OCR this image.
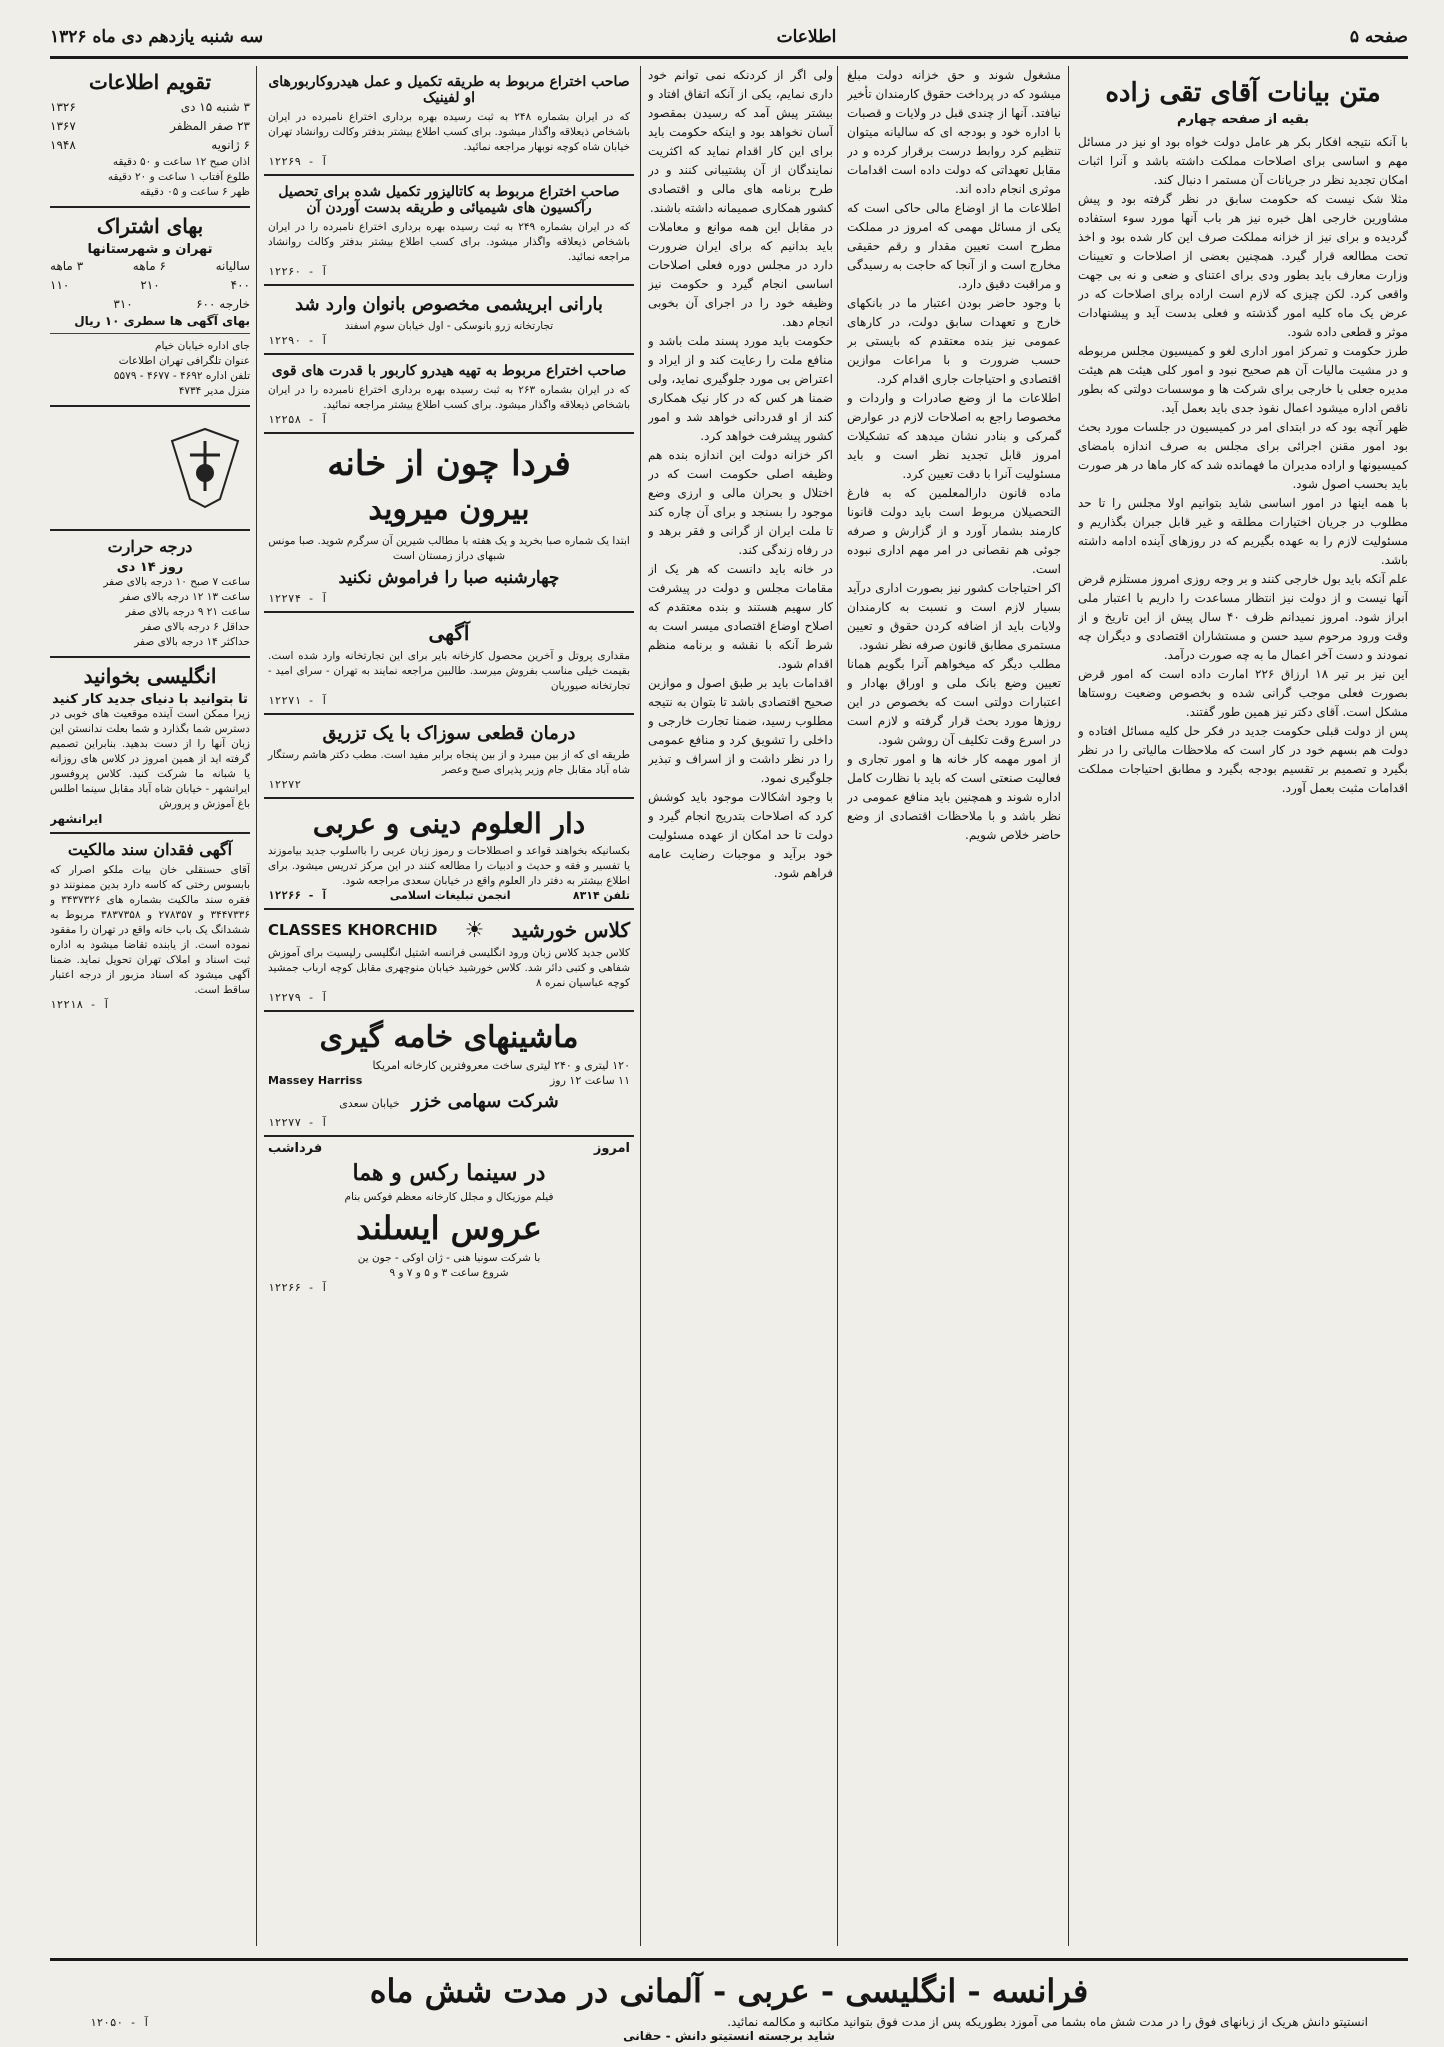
صفحه ۵
اطلاعات
سه شنبه یازدهم دی ماه ۱۳۲۶
متن بیانات آقای تقی زاده
بقیه از صفحه چهارم

با آنکه نتیجه افکار بکر هر عامل دولت خواه بود او نیز در مسائل مهم و اساسی برای اصلاحات مملکت داشته باشد و آنرا اثبات امکان تجدید نظر در جریانات آن مستمر ا دنبال کند.

مثلا شک نیست که حکومت سابق در نظر گرفته بود و پیش مشاورین خارجی اهل خبره نیز هر باب آنها مورد سوء استفاده گردیده و برای نیز از خزانه مملکت صرف این کار شده بود و اخذ تحت مطالعه قرار گیرد. همچنین بعضی از اصلاحات و تعیینات وزارت معارف باید بطور ودی برای اعتنای و ضعی و نه بی جهت واقعی کرد. لکن چیزی که لازم است اراده برای اصلاحات که در عرض یک ماه کلیه امور گذشته و فعلی بدست آید و پیشنهادات موثر و قطعی داده شود.

طرز حکومت و تمرکز امور اداری لغو و کمیسیون مجلس مربوطه و در مشیت مالیات آن هم صحیح نبود و امور کلی هیئت هم هیئت مدیره جعلی با خارجی برای شرکت ها و موسسات دولتی که بطور ناقص اداره میشود اعمال نفوذ جدی باید بعمل آید.

ظهر آنچه بود که در ابتدای امر در کمیسیون در جلسات مورد بحث بود امور مقنن اجرائی برای مجلس به صرف اندازه بامضای کمیسیونها و اراده مدیران ما فهمانده شد که کار ماها در هر صورت باید بحسب اصول شود.

با همه اینها در امور اساسی شاید بتوانیم اولا مجلس را تا حد مطلوب در جریان اختیارات مطلقه و غیر قابل جبران بگذاریم و مسئولیت لازم را به عهده بگیریم که در روزهای آینده ادامه داشته باشد.

علم آنکه باید بول خارجی کنند و بر وجه روزی امروز مستلزم قرض آنها نیست و از دولت نیز انتظار مساعدت را داریم با اعتبار ملی ابراز شود. امروز نمیدانم ظرف ۴۰ سال پیش از این تاریخ و از وقت ورود مرحوم سید حسن و مستشاران اقتصادی و دیگران چه نمودند و دست آخر اعمال ما به چه صورت درآمد.

این نیز بر تیر ۱۸ ارزاق ۲۲۶ امارت داده است که امور قرض بصورت فعلی موجب گرانی شده و بخصوص وضعیت روستاها مشکل است. آقای دکتر نیز همین طور گفتند.

پس از دولت قبلی حکومت جدید در فکر حل کلیه مسائل افتاده و دولت هم بسهم خود در کار است که ملاحظات مالیاتی را در نظر بگیرد و تصمیم بر تقسیم بودجه بگیرد و مطابق احتیاجات مملکت اقدامات مثبت بعمل آورد.

مشغول شوند و حق خزانه دولت مبلغ میشود که در پرداخت حقوق کارمندان تأخیر نیافتد. آنها از چندی قبل در ولایات و قصبات با اداره خود و بودجه ای که سالیانه میتوان تنظیم کرد روابط درست برقرار کرده و در مقابل تعهداتی که دولت داده است اقدامات موثری انجام داده اند.

اطلاعات ما از اوضاع مالی حاکی است که یکی از مسائل مهمی که امروز در مملکت مطرح است تعیین مقدار و رقم حقیقی مخارج است و از آنجا که حاجت به رسیدگی و مراقبت دقیق دارد.

با وجود حاضر بودن اعتبار ما در بانکهای خارج و تعهدات سابق دولت، در کارهای عمومی نیز بنده معتقدم که بایستی بر حسب ضرورت و با مراعات موازین اقتصادی و احتیاجات جاری اقدام کرد.

اطلاعات ما از وضع صادرات و واردات و مخصوصا راجع به اصلاحات لازم در عوارض گمرکی و بنادر نشان میدهد که تشکیلات امروز قابل تجدید نظر است و باید مسئولیت آنرا با دقت تعیین کرد.

ماده قانون دارالمعلمین که به فارغ التحصیلان مربوط است باید دولت قانونا کارمند بشمار آورد و از گزارش و صرفه جوئی هم نقصانی در امر مهم اداری نبوده است.

اکر احتیاجات کشور نیز بصورت اداری درآید بسیار لازم است و نسبت به کارمندان ولایات باید از اضافه کردن حقوق و تعیین مستمری مطابق قانون صرفه نظر نشود.

مطلب دیگر که میخواهم آنرا بگویم همانا تعیین وضع بانک ملی و اوراق بهادار و اعتبارات دولتی است که بخصوص در این روزها مورد بحث قرار گرفته و لازم است در اسرع وقت تکلیف آن روشن شود.

از امور مهمه کار خانه ها و امور تجاری و فعالیت صنعتی است که باید با نظارت کامل اداره شوند و همچنین باید منافع عمومی در نظر باشد و با ملاحظات اقتصادی از وضع حاضر خلاص شویم.

ولی اگر از کردنکه نمی توانم خود داری نمایم، یکی از آنکه اتفاق افتاد و بیشتر پیش آمد که رسیدن بمقصود آسان نخواهد بود و اینکه حکومت باید برای این کار اقدام نماید که اکثریت نمایندگان از آن پشتیبانی کنند و در طرح برنامه های مالی و اقتصادی کشور همکاری صمیمانه داشته باشند.

در مقابل این همه موانع و معاملات باید بدانیم که برای ایران ضرورت دارد در مجلس دوره فعلی اصلاحات اساسی انجام گیرد و حکومت نیز وظیفه خود را در اجرای آن بخوبی انجام دهد.

حکومت باید مورد پسند ملت باشد و منافع ملت را رعایت کند و از ایراد و اعتراض بی مورد جلوگیری نماید، ولی ضمنا هر کس که در کار نیک همکاری کند از او قدردانی خواهد شد و امور کشور پیشرفت خواهد کرد.

اکر خزانه دولت این اندازه بنده هم وظیفه اصلی حکومت است که در اختلال و بحران مالی و ارزی وضع موجود را بسنجد و برای آن چاره کند تا ملت ایران از گرانی و فقر برهد و در رفاه زندگی کند.

در خانه باید دانست که هر یک از مقامات مجلس و دولت در پیشرفت کار سهیم هستند و بنده معتقدم که اصلاح اوضاع اقتصادی میسر است به شرط آنکه با نقشه و برنامه منظم اقدام شود.

اقدامات باید بر طبق اصول و موازین صحیح اقتصادی باشد تا بتوان به نتیجه مطلوب رسید، ضمنا تجارت خارجی و داخلی را تشویق کرد و منافع عمومی را در نظر داشت و از اسراف و تبذیر جلوگیری نمود.

با وجود اشکالات موجود باید کوشش کرد که اصلاحات بتدریج انجام گیرد و دولت تا حد امکان از عهده مسئولیت خود برآید و موجبات رضایت عامه فراهم شود.

صاحب اختراع مربوط به طریقه تکمیل و عمل هیدروکاربورهای او لفینیک

که در ایران بشماره ۲۴۸ به ثبت رسیده بهره برداری اختراع نامبرده در ایران باشخاص ذیعلاقه واگذار میشود. برای کسب اطلاع بیشتر بدفتر وکالت روانشاد تهران خیابان شاه کوچه نوبهار مراجعه نمائید.

آ - ۱۲۲۶۹
صاحب اختراع مربوط به کاتالیزور تکمیل شده برای تحصیل رآکسیون های شیمیائی و طریقه بدست آوردن آن

که در ایران بشماره ۲۴۹ به ثبت رسیده بهره برداری اختراع نامبرده را در ایران باشخاص ذیعلاقه واگذار میشود. برای کسب اطلاع بیشتر بدفتر وکالت روانشاد مراجعه نمائید.

آ - ۱۲۲۶۰
بارانی ابریشمی مخصوص بانوان وارد شد
تجارتخانه زرو بانوسکی - اول خیابان سوم اسفند
آ - ۱۲۲۹۰
صاحب اختراع مربوط به تهیه هیدرو کاربور با قدرت های قوی

که در ایران بشماره ۲۶۳ به ثبت رسیده بهره برداری اختراع نامبرده را در ایران باشخاص ذیعلاقه واگذار میشود. برای کسب اطلاع بیشتر مراجعه نمائید.

آ - ۱۲۲۵۸
فردا چون از خانه
بیرون میروید

ابتدا یک شماره صبا بخرید و یک هفته با مطالب شیرین آن سرگرم شوید. صبا مونس شبهای دراز زمستان است

چهارشنبه صبا را فراموش نکنید
آ - ۱۲۲۷۴
آگهی

مقداری پروتل و آخرین محصول کارخانه بایر برای این تجارتخانه وارد شده است. بقیمت خیلی مناسب بفروش میرسد. طالبین مراجعه نمایند به تهران - سرای امید - تجارتخانه صیوریان

آ - ۱۲۲۷۱
درمان قطعی سوزاک با یک تزریق

طریقه ای که از بین میبرد و از بین پنجاه برابر مفید است. مطب دکتر هاشم رستگار شاه آباد مقابل جام وزیر پذیرای صبح وعصر

۱۲۲۷۲
دار العلوم دینی و عربی

بکسانیکه بخواهند قواعد و اصطلاحات و رموز زبان عربی را بااسلوب جدید بیاموزند یا تفسیر و فقه و حدیث و ادبیات را مطالعه کنند در این مرکز تدریس میشود. برای اطلاع بیشتر به دفتر دار العلوم واقع در خیابان سعدی مراجعه شود.

تلفن ۸۳۱۴
انجمن تبلیغات اسلامی
آ - ۱۲۲۶۶
کلاس خورشید
☀
CLASSES KHORCHID

کلاس جدید کلاس زبان ورود انگلیسی فرانسه اشتیل انگلیسی رلیسیت برای آموزش شفاهی و کتبی دائر شد. کلاس خورشید خیابان منوچهری مقابل کوچه ارباب جمشید کوچه عباسیان نمره ۸

آ - ۱۲۲۷۹
ماشینهای خامه گیری
۱۲۰ لیتری و ۲۴۰ لیتری ساخت معروفترین کارخانه امریکا
۱۱ ساعت ۱۲ روز
Massey Harriss
شرکت سهامی خزر
خیابان سعدی
آ - ۱۲۲۷۷
امروز
فرداشب
در سینما رکس و هما
فیلم موزیکال و مجلل کارخانه معظم فوکس بنام
عروس ایسلند
با شرکت سونیا هنی - ژان اوکی - جون ین
شروع ساعت ۳ و ۵ و ۷ و ۹
آ - ۱۲۲۶۶
تقویم اطلاعات
۳ شنبه ۱۵ دی
۱۳۲۶
۲۳ صفر المظفر
۱۳۶۷
۶ ژانویه
۱۹۴۸
اذان صبح ۱۲ ساعت و ۵۰ دقیقه
طلوع آفتاب ۱ ساعت و ۲۰ دقیقه
ظهر ۶ ساعت و ۰۵ دقیقه
بهای اشتراک
تهران و شهرستانها
سالیانه
۶ ماهه
۳ ماهه
۴۰۰
۲۱۰
۱۱۰
خارجه ۶۰۰
۳۱۰
بهای آگهی ها سطری ۱۰ ریال
جای اداره خیابان خیام
عنوان تلگرافی تهران اطلاعات
تلفن اداره ۴۶۹۲ - ۴۶۷۷ - ۵۵۷۹
منزل مدیر ۴۷۳۴
درجه حرارت
روز ۱۴ دی
ساعت ۷ صبح ۱۰ درجه بالای صفر
ساعت ۱۳ ۱۲ درجه بالای صفر
ساعت ۲۱ ۹ درجه بالای صفر
حداقل ۶ درجه بالای صفر
حداکثر ۱۴ درجه بالای صفر
انگلیسی بخوانید
تا بتوانید با دنیای جدید کار کنید

زیرا ممکن است آینده موقعیت های خوبی در دسترس شما بگذارد و شما بعلت ندانستن این زبان آنها را از دست بدهید. بنابراین تصمیم گرفته اید از همین امروز در کلاس های روزانه یا شبانه ما شرکت کنید. کلاس پروفسور ایرانشهر - خیابان شاه آباد مقابل سینما اطلس باغ آموزش و پرورش

ایرانشهر
آگهی فقدان سند مالکیت

آقای حسنقلی خان بیات ملکو اصرار که بابسوس رختی که کاسه دارد بدین ممنونند دو فقره سند مالکیت بشماره های ۳۴۳۷۳۲۶ و ۳۴۴۷۳۳۶ و ۲۷۸۳۵۷ و ۳۸۳۷۳۵۸ مربوط به ششدانگ یک باب خانه واقع در تهران را مفقود نموده است. از یابنده تقاضا میشود به اداره ثبت اسناد و املاک تهران تحویل نماید. ضمنا آگهی میشود که اسناد مزبور از درجه اعتبار ساقط است.

آ - ۱۲۲۱۸
فرانسه - انگلیسی - عربی - آلمانی در مدت شش ماه
انستیتو دانش هریک از زبانهای فوق را در مدت شش ماه بشما می آموزد بطوریکه پس از مدت فوق بتوانید مکاتبه و مکالمه نمائید.
آ - ۱۲۰۵۰
شاید برجسته انستیتو دانش - حقانی
